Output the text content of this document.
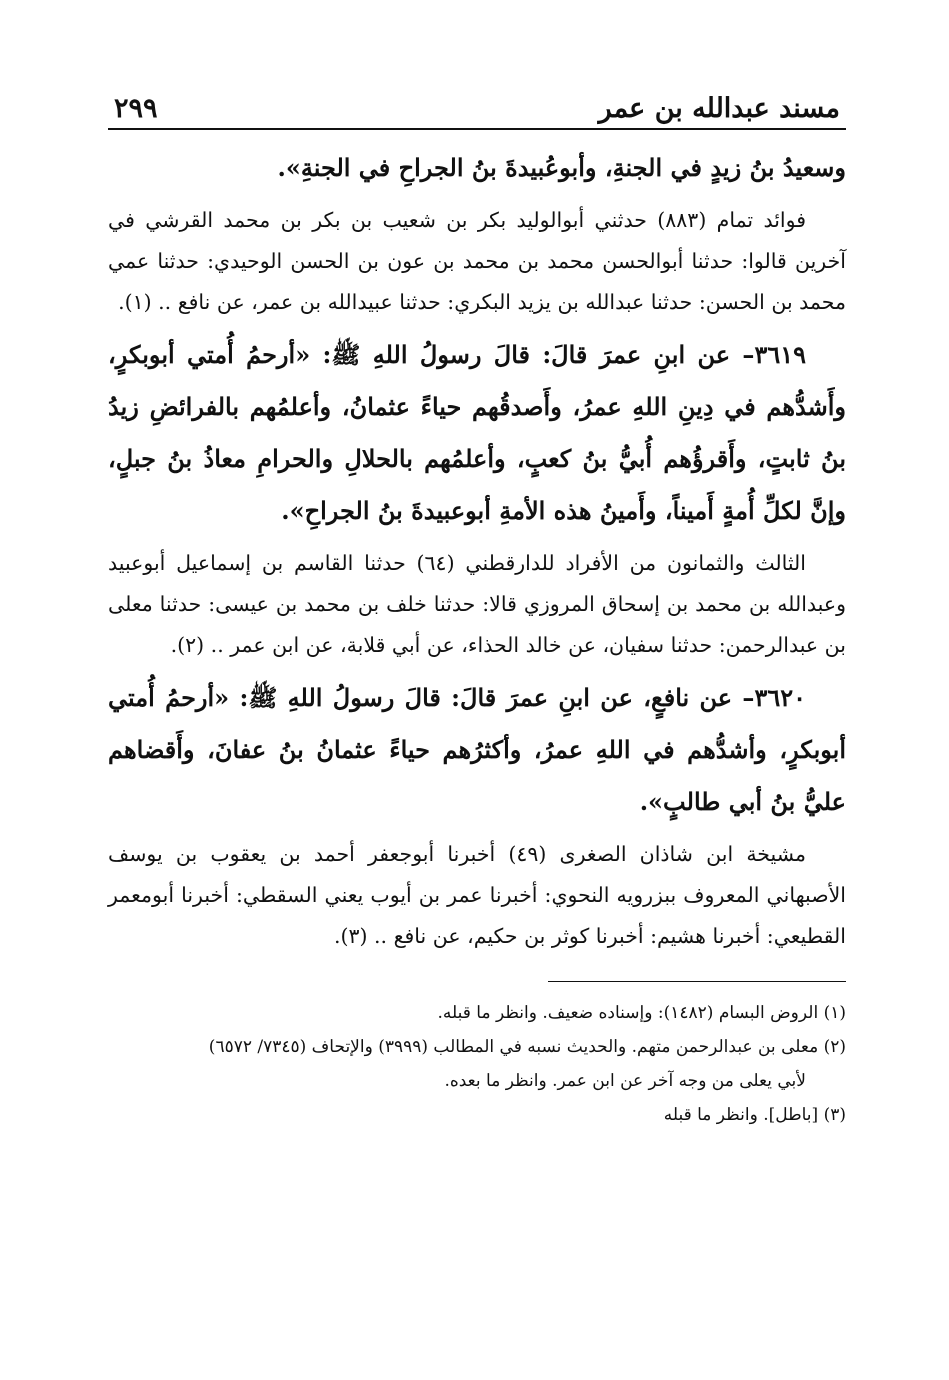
مسند عبدالله بن عمر
٢٩٩

وسعيدُ بنُ زيدٍ في الجنةِ، وأبوعُبيدةَ بنُ الجراحِ في الجنةِ».

فوائد تمام (٨٨٣) حدثني أبوالوليد بكر بن شعيب بن بكر بن محمد القرشي في آخرين قالوا: حدثنا أبوالحسن محمد بن محمد بن عون بن الحسن الوحيدي: حدثنا عمي محمد بن الحسن: حدثنا عبدالله بن يزيد البكري: حدثنا عبيدالله بن عمر، عن نافع .. (١).

٣٦١٩– عن ابنِ عمرَ قالَ: قالَ رسولُ اللهِ ﷺ: «أرحمُ أُمتي أبوبكرٍ، وأَشدُّهم في دِينِ اللهِ عمرُ، وأَصدقُهم حياءً عثمانُ، وأعلمُهم بالفرائضِ زيدُ بنُ ثابتٍ، وأَقرؤُهم أُبيُّ بنُ كعبٍ، وأعلمُهم بالحلالِ والحرامِ معاذُ بنُ جبلٍ، وإنَّ لكلِّ أُمةٍ أَميناً، وأَمينُ هذه الأمةِ أبوعبيدةَ بنُ الجراحِ».

الثالث والثمانون من الأفراد للدارقطني (٦٤) حدثنا القاسم بن إسماعيل أبوعبيد وعبدالله بن محمد بن إسحاق المروزي قالا: حدثنا خلف بن محمد بن عيسى: حدثنا معلى بن عبدالرحمن: حدثنا سفيان، عن خالد الحذاء، عن أبي قلابة، عن ابن عمر .. (٢).

٣٦٢٠– عن نافعٍ، عن ابنِ عمرَ قالَ: قالَ رسولُ اللهِ ﷺ: «أرحمُ أُمتي أبوبكرٍ، وأشدُّهم في اللهِ عمرُ، وأكثرُهم حياءً عثمانُ بنُ عفانَ، وأَقضاهم عليُّ بنُ أبي طالبٍ».

مشيخة ابن شاذان الصغرى (٤٩) أخبرنا أبوجعفر أحمد بن يعقوب بن يوسف الأصبهاني المعروف ببزرويه النحوي: أخبرنا عمر بن أيوب يعني السقطي: أخبرنا أبومعمر القطيعي: أخبرنا هشيم: أخبرنا كوثر بن حكيم، عن نافع .. (٣).

(١) الروض البسام (١٤٨٢): وإسناده ضعيف. وانظر ما قبله.

(٢) معلى بن عبدالرحمن متهم. والحديث نسبه في المطالب (٣٩٩٩) والإتحاف (٧٣٤٥/ ٦٥٧٢)

لأبي يعلى من وجه آخر عن ابن عمر. وانظر ما بعده.

(٣) [باطل]. وانظر ما قبله
